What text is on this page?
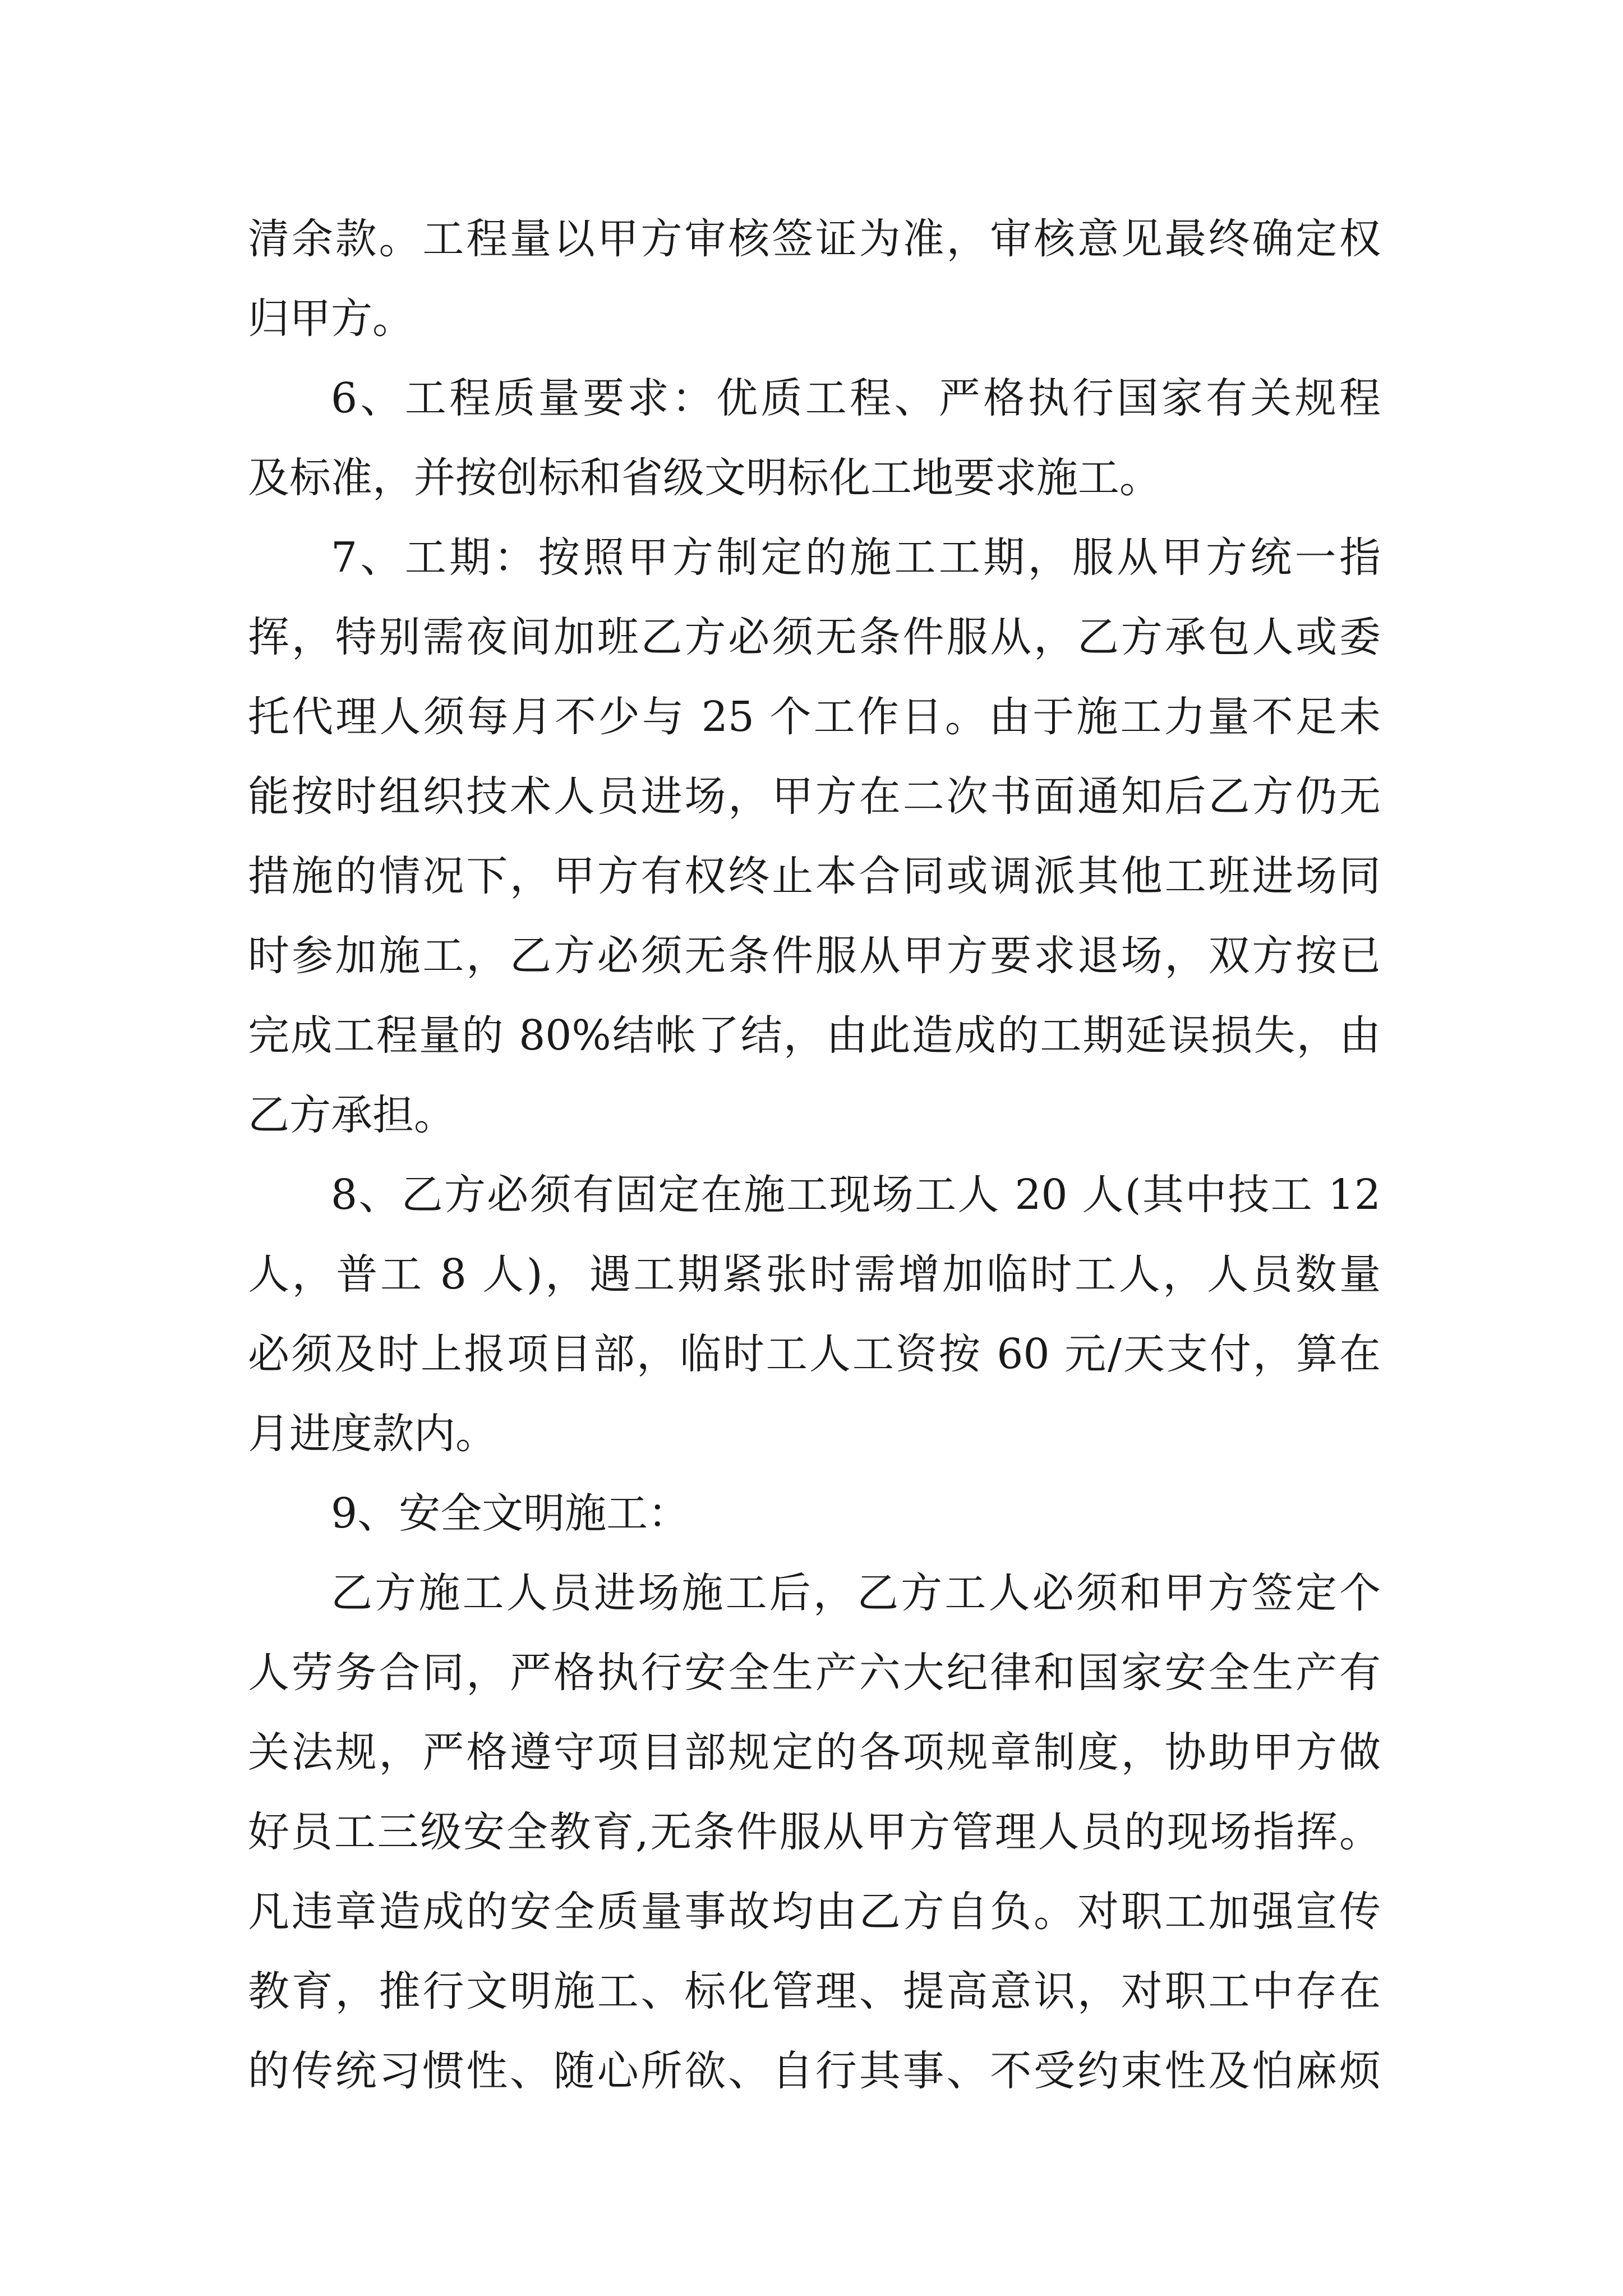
清余款。工程量以甲方审核签证为准，审核意见最终确定权

归甲方。

6、工程质量要求：优质工程、严格执行国家有关规程

及标准，并按创标和省级文明标化工地要求施工。

7、工期：按照甲方制定的施工工期，服从甲方统一指

挥，特别需夜间加班乙方必须无条件服从，乙方承包人或委

托代理人须每月不少与 25 个工作日。由于施工力量不足未

能按时组织技术人员进场，甲方在二次书面通知后乙方仍无

措施的情况下，甲方有权终止本合同或调派其他工班进场同

时参加施工，乙方必须无条件服从甲方要求退场，双方按已

完成工程量的 80%结帐了结，由此造成的工期延误损失，由

乙方承担。

8、乙方必须有固定在施工现场工人 20 人(其中技工 12

人，普工 8 人)，遇工期紧张时需增加临时工人，人员数量

必须及时上报项目部，临时工人工资按 60 元/天支付，算在

月进度款内。

9、安全文明施工：

乙方施工人员进场施工后，乙方工人必须和甲方签定个

人劳务合同，严格执行安全生产六大纪律和国家安全生产有

关法规，严格遵守项目部规定的各项规章制度，协助甲方做

好员工三级安全教育,无条件服从甲方管理人员的现场指挥。

凡违章造成的安全质量事故均由乙方自负。对职工加强宣传

教育，推行文明施工、标化管理、提高意识，对职工中存在

的传统习惯性、随心所欲、自行其事、不受约束性及怕麻烦
